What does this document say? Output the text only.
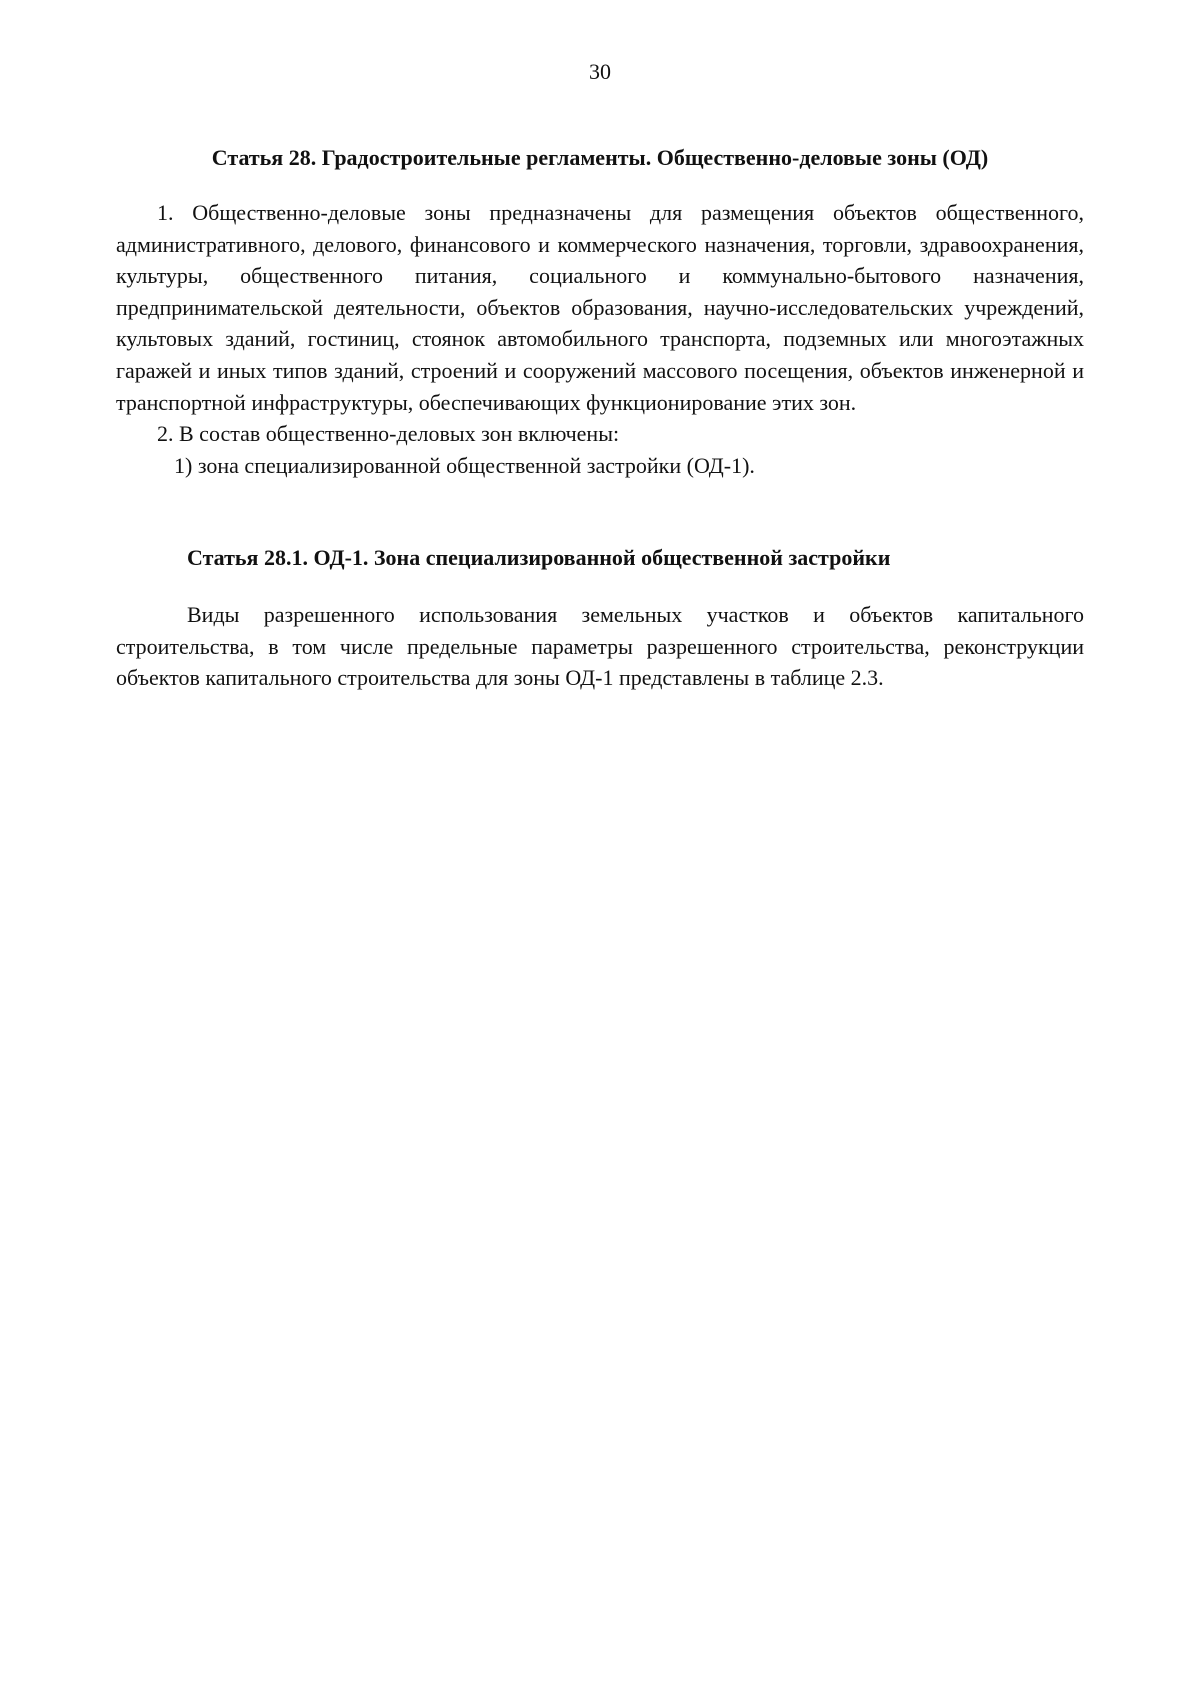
30
Статья 28. Градостроительные регламенты. Общественно-деловые зоны (ОД)

1. Общественно-деловые зоны предназначены для размещения объектов общественного, административного, делового, финансового и коммерческого назначения, торговли, здравоохранения, культуры, общественного питания, социального и коммунально-бытового назначения, предпринимательской деятельности, объектов образования, научно-исследовательских учреждений, культовых зданий, гостиниц, стоянок автомобильного транспорта, подземных или многоэтажных гаражей и иных типов зданий, строений и сооружений массового посещения, объектов инженерной и транспортной инфраструктуры, обеспечивающих функционирование этих зон.

2. В состав общественно-деловых зон включены:

1) зона специализированной общественной застройки (ОД-1).

Статья 28.1. ОД-1. Зона специализированной общественной застройки

Виды разрешенного использования земельных участков и объектов капитального строительства, в том числе предельные параметры разрешенного строительства, реконструкции объектов капитального строительства для зоны ОД-1 представлены в таблице 2.3.
